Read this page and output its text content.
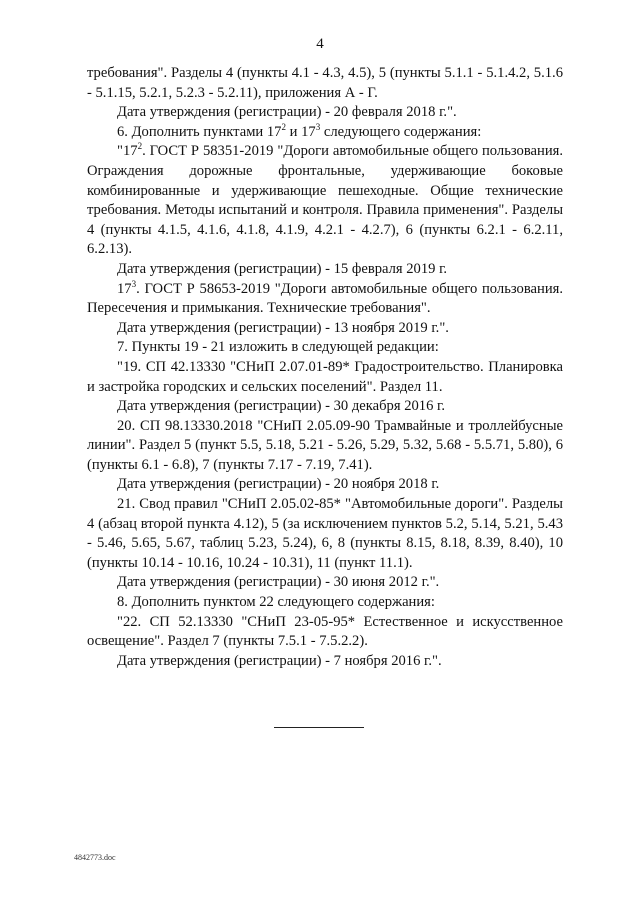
4

требования". Разделы 4 (пункты 4.1 - 4.3, 4.5), 5 (пункты 5.1.1 - 5.1.4.2, 5.1.6 - 5.1.15, 5.2.1, 5.2.3 - 5.2.11), приложения А - Г.

Дата утверждения (регистрации) - 20 февраля 2018 г.".

6. Дополнить пунктами $17^2$ и $17^3$ следующего содержания:

"$17^2$. ГОСТ Р 58351-2019 "Дороги автомобильные общего пользования. Ограждения дорожные фронтальные, удерживающие боковые комбинированные и удерживающие пешеходные. Общие технические требования. Методы испытаний и контроля. Правила применения". Разделы 4 (пункты 4.1.5, 4.1.6, 4.1.8, 4.1.9, 4.2.1 - 4.2.7), 6 (пункты 6.2.1 - 6.2.11, 6.2.13).

Дата утверждения (регистрации) - 15 февраля 2019 г.

$17^3$. ГОСТ Р 58653-2019 "Дороги автомобильные общего пользования. Пересечения и примыкания. Технические требования".

Дата утверждения (регистрации) - 13 ноября 2019 г.".

7. Пункты 19 - 21 изложить в следующей редакции:

"19. СП 42.13330 "СНиП 2.07.01-89* Градостроительство. Планировка и застройка городских и сельских поселений". Раздел 11.

Дата утверждения (регистрации) - 30 декабря 2016 г.

20. СП 98.13330.2018 "СНиП 2.05.09-90 Трамвайные и троллейбусные линии". Раздел 5 (пункт 5.5, 5.18, 5.21 - 5.26, 5.29, 5.32, 5.68 - 5.5.71, 5.80), 6 (пункты 6.1 - 6.8), 7 (пункты 7.17 - 7.19, 7.41).

Дата утверждения (регистрации) - 20 ноября 2018 г.

21. Свод правил "СНиП 2.05.02-85* "Автомобильные дороги". Разделы 4 (абзац второй пункта 4.12), 5 (за исключением пунктов 5.2, 5.14, 5.21, 5.43 - 5.46, 5.65, 5.67, таблиц 5.23, 5.24), 6, 8 (пункты 8.15, 8.18, 8.39, 8.40), 10 (пункты 10.14 - 10.16, 10.24 - 10.31), 11 (пункт 11.1).

Дата утверждения (регистрации) - 30 июня 2012 г.".

8. Дополнить пунктом 22 следующего содержания:

"22. СП 52.13330 "СНиП 23-05-95* Естественное и искусственное освещение". Раздел 7 (пункты 7.5.1 - 7.5.2.2).

Дата утверждения (регистрации) - 7 ноября 2016 г.".

4842773.doc
